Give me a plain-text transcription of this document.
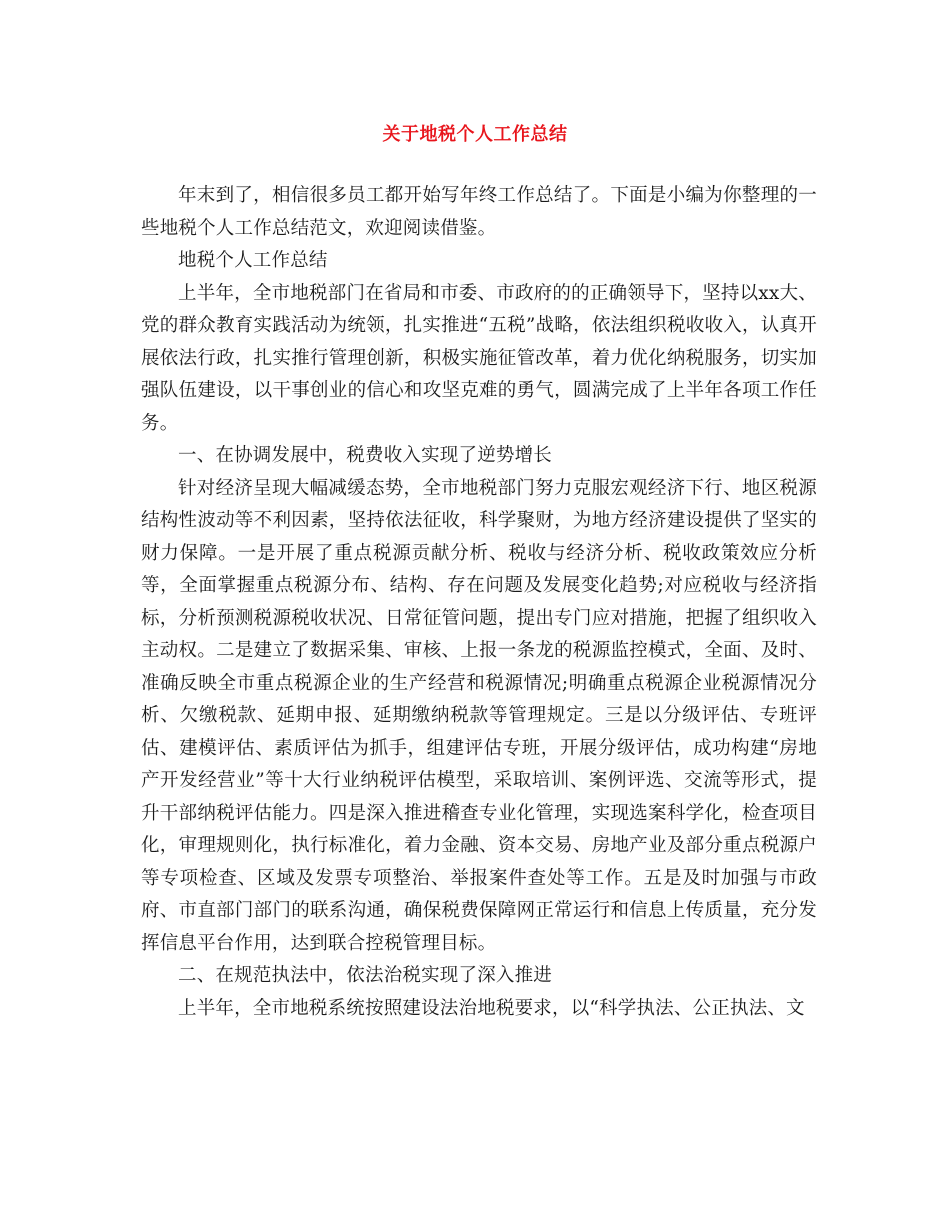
关于地税个人工作总结

年末到了，相信很多员工都开始写年终工作总结了。下面是小编为你整理的一些地税个人工作总结范文，欢迎阅读借鉴。

地税个人工作总结

上半年，全市地税部门在省局和市委、市政府的的正确领导下，坚持以xx大、党的群众教育实践活动为统领，扎实推进“五税”战略，依法组织税收收入，认真开展依法行政，扎实推行管理创新，积极实施征管改革，着力优化纳税服务，切实加强队伍建设，以干事创业的信心和攻坚克难的勇气，圆满完成了上半年各项工作任务。

一、在协调发展中，税费收入实现了逆势增长

针对经济呈现大幅减缓态势，全市地税部门努力克服宏观经济下行、地区税源结构性波动等不利因素，坚持依法征收，科学聚财，为地方经济建设提供了坚实的财力保障。一是开展了重点税源贡献分析、税收与经济分析、税收政策效应分析等，全面掌握重点税源分布、结构、存在问题及发展变化趋势;对应税收与经济指标，分析预测税源税收状况、日常征管问题，提出专门应对措施，把握了组织收入主动权。二是建立了数据采集、审核、上报一条龙的税源监控模式，全面、及时、准确反映全市重点税源企业的生产经营和税源情况;明确重点税源企业税源情况分析、欠缴税款、延期申报、延期缴纳税款等管理规定。三是以分级评估、专班评估、建模评估、素质评估为抓手，组建评估专班，开展分级评估，成功构建“房地产开发经营业”等十大行业纳税评估模型，采取培训、案例评选、交流等形式，提升干部纳税评估能力。四是深入推进稽查专业化管理，实现选案科学化，检查项目化，审理规则化，执行标准化，着力金融、资本交易、房地产业及部分重点税源户等专项检查、区域及发票专项整治、举报案件查处等工作。五是及时加强与市政府、市直部门部门的联系沟通，确保税费保障网正常运行和信息上传质量，充分发挥信息平台作用，达到联合控税管理目标。

二、在规范执法中，依法治税实现了深入推进

上半年，全市地税系统按照建设法治地税要求，以“科学执法、公正执法、文
